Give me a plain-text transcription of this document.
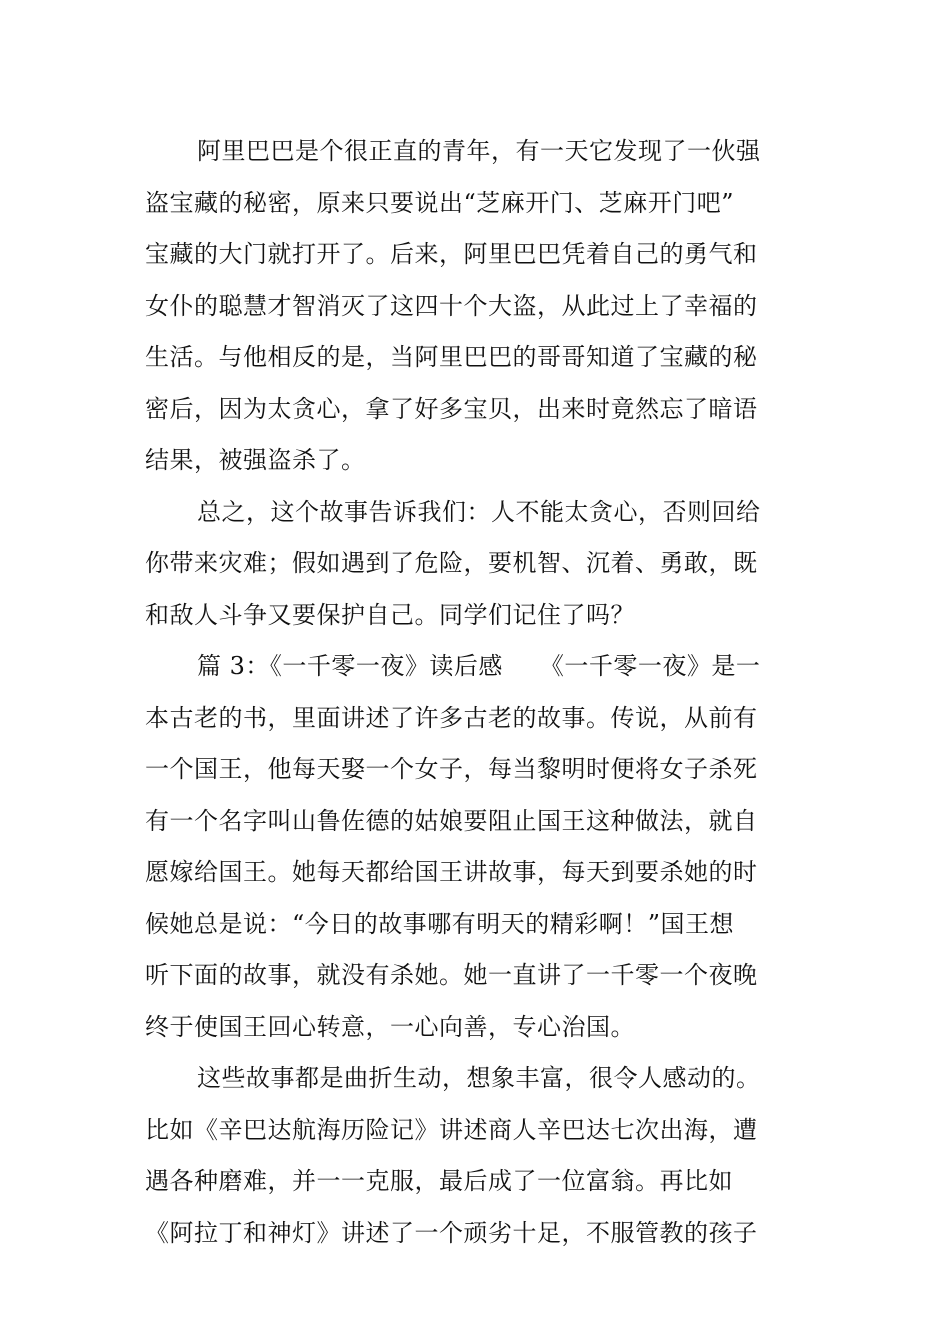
阿里巴巴是个很正直的青年，有一天它发现了一伙强
盗宝藏的秘密，原来只要说出“芝麻开门、芝麻开门吧”
宝藏的大门就打开了。后来，阿里巴巴凭着自己的勇气和
女仆的聪慧才智消灭了这四十个大盗，从此过上了幸福的
生活。与他相反的是，当阿里巴巴的哥哥知道了宝藏的秘
密后，因为太贪心，拿了好多宝贝，出来时竟然忘了暗语
结果，被强盗杀了。
总之，这个故事告诉我们：人不能太贪心，否则回给
你带来灾难；假如遇到了危险，要机智、沉着、勇敢，既
和敌人斗争又要保护自己。同学们记住了吗？
篇 3：《一千零一夜》读后感　　《一千零一夜》是一
本古老的书，里面讲述了许多古老的故事。传说，从前有
一个国王，他每天娶一个女子，每当黎明时便将女子杀死
有一个名字叫山鲁佐德的姑娘要阻止国王这种做法，就自
愿嫁给国王。她每天都给国王讲故事，每天到要杀她的时
候她总是说：“今日的故事哪有明天的精彩啊！”国王想
听下面的故事，就没有杀她。她一直讲了一千零一个夜晚
终于使国王回心转意，一心向善，专心治国。
这些故事都是曲折生动，想象丰富，很令人感动的。
比如《辛巴达航海历险记》讲述商人辛巴达七次出海，遭
遇各种磨难，并一一克服，最后成了一位富翁。再比如
《阿拉丁和神灯》讲述了一个顽劣十足，不服管教的孩子
